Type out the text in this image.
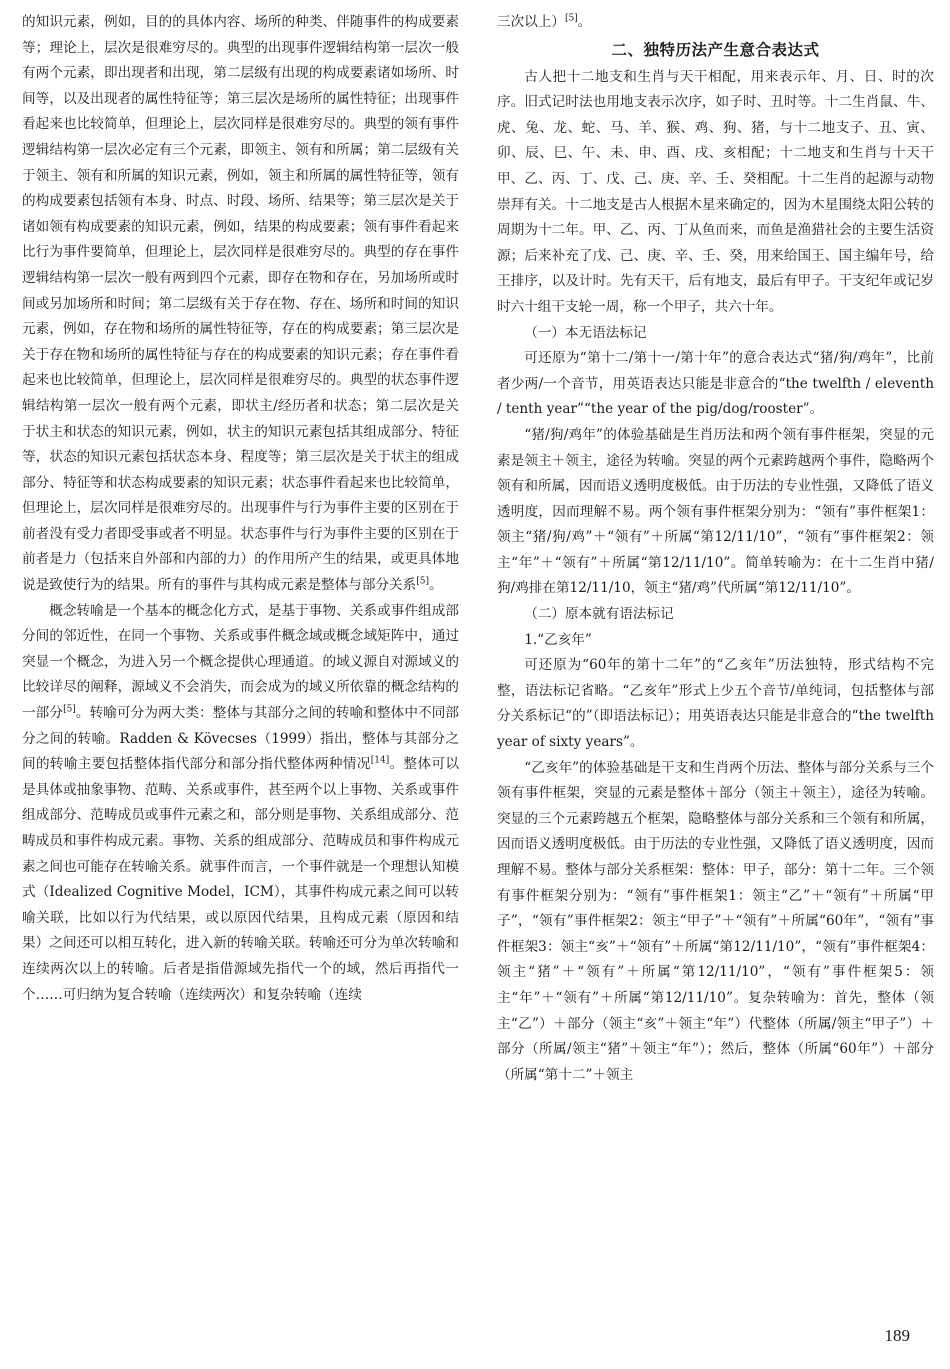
的知识元素，例如，目的的具体内容、场所的种类、伴随事件的构成要素等；理论上，层次是很难穷尽的。典型的出现事件逻辑结构第一层次一般有两个元素，即出现者和出现，第二层级有出现的构成要素诸如场所、时间等，以及出现者的属性特征等；第三层次是场所的属性特征；出现事件看起来也比较简单，但理论上，层次同样是很难穷尽的。典型的领有事件逻辑结构第一层次必定有三个元素，即领主、领有和所属；第二层级有关于领主、领有和所属的知识元素，例如，领主和所属的属性特征等，领有的构成要素包括领有本身、时点、时段、场所、结果等；第三层次是关于诸如领有构成要素的知识元素，例如，结果的构成要素；领有事件看起来比行为事件要简单，但理论上，层次同样是很难穷尽的。典型的存在事件逻辑结构第一层次一般有两到四个元素，即存在物和存在，另加场所或时间或另加场所和时间；第二层级有关于存在物、存在、场所和时间的知识元素，例如，存在物和场所的属性特征等，存在的构成要素；第三层次是关于存在物和场所的属性特征与存在的构成要素的知识元素；存在事件看起来也比较简单，但理论上，层次同样是很难穷尽的。典型的状态事件逻辑结构第一层次一般有两个元素，即状主/经历者和状态；第二层次是关于状主和状态的知识元素，例如，状主的知识元素包括其组成部分、特征等，状态的知识元素包括状态本身、程度等；第三层次是关于状主的组成部分、特征等和状态构成要素的知识元素；状态事件看起来也比较简单，但理论上，层次同样是很难穷尽的。出现事件与行为事件主要的区别在于前者没有受力者即受事或者不明显。状态事件与行为事件主要的区别在于前者是力（包括来自外部和内部的力）的作用所产生的结果，或更具体地说是致使行为的结果。所有的事件与其构成元素是整体与部分关系[5]。

概念转喻是一个基本的概念化方式，是基于事物、关系或事件组成部分间的邻近性，在同一个事物、关系或事件概念域或概念域矩阵中，通过突显一个概念，为进入另一个概念提供心理通道。的域义源自对源域义的比较详尽的阐释，源域义不会消失，而会成为的域义所依靠的概念结构的一部分[5]。转喻可分为两大类：整体与其部分之间的转喻和整体中不同部分之间的转喻。Radden & Kövecses（1999）指出，整体与其部分之间的转喻主要包括整体指代部分和部分指代整体两种情况[14]。整体可以是具体或抽象事物、范畴、关系或事件，甚至两个以上事物、关系或事件组成部分、范畴成员或事件元素之和，部分则是事物、关系组成部分、范畴成员和事件构成元素。事物、关系的组成部分、范畴成员和事件构成元素之间也可能存在转喻关系。就事件而言，一个事件就是一个理想认知模式（Idealized Cognitive Model，ICM），其事件构成元素之间可以转喻关联，比如以行为代结果，或以原因代结果，且构成元素（原因和结果）之间还可以相互转化，进入新的转喻关联。转喻还可分为单次转喻和连续两次以上的转喻。后者是指借源域先指代一个的域，然后再指代一个……可归纳为复合转喻（连续两次）和复杂转喻（连续

三次以上）[5]。

二、独特历法产生意合表达式

古人把十二地支和生肖与天干相配，用来表示年、月、日、时的次序。旧式记时法也用地支表示次序，如子时、丑时等。十二生肖鼠、牛、虎、兔、龙、蛇、马、羊、猴、鸡、狗、猪，与十二地支子、丑、寅、卯、辰、巳、午、未、申、酉、戌、亥相配；十二地支和生肖与十天干甲、乙、丙、丁、戊、己、庚、辛、壬、癸相配。十二生肖的起源与动物崇拜有关。十二地支是古人根据木星来确定的，因为木星围绕太阳公转的周期为十二年。甲、乙、丙、丁从鱼而来，而鱼是渔猎社会的主要生活资源；后来补充了戊、己、庚、辛、壬、癸，用来给国王、国主编年号，给王排序，以及计时。先有天干，后有地支，最后有甲子。干支纪年或记岁时六十组干支轮一周，称一个甲子，共六十年。

（一）本无语法标记

可还原为“第十二/第十一/第十年”的意合表达式“猪/狗/鸡年”，比前者少两/一个音节，用英语表达只能是非意合的“the twelfth / eleventh / tenth year”“the year of the pig/dog/rooster”。

“猪/狗/鸡年”的体验基础是生肖历法和两个领有事件框架，突显的元素是领主＋领主，途径为转喻。突显的两个元素跨越两个事件，隐略两个领有和所属，因而语义透明度极低。由于历法的专业性强，又降低了语义透明度，因而理解不易。两个领有事件框架分别为：“领有”事件框架1：领主“猪/狗/鸡”＋“领有”＋所属“第12/11/10”，“领有”事件框架2：领主“年”＋“领有”＋所属“第12/11/10”。简单转喻为：在十二生肖中猪/狗/鸡排在第12/11/10，领主“猪/鸡”代所属“第12/11/10”。

（二）原本就有语法标记

1.“乙亥年”

可还原为“60年的第十二年”的“乙亥年”历法独特，形式结构不完整，语法标记省略。“乙亥年”形式上少五个音节/单纯词，包括整体与部分关系标记“的”（即语法标记）；用英语表达只能是非意合的“the twelfth year of sixty years”。

“乙亥年”的体验基础是干支和生肖两个历法、整体与部分关系与三个领有事件框架，突显的元素是整体＋部分（领主＋领主），途径为转喻。突显的三个元素跨越五个框架，隐略整体与部分关系和三个领有和所属，因而语义透明度极低。由于历法的专业性强，又降低了语义透明度，因而理解不易。整体与部分关系框架：整体：甲子，部分：第十二年。三个领有事件框架分别为：“领有”事件框架1：领主“乙”＋“领有”＋所属“甲子”，“领有”事件框架2：领主“甲子”＋“领有”＋所属“60年”，“领有”事件框架3：领主“亥”＋“领有”＋所属“第12/11/10”，“领有”事件框架4：领主“猪”＋“领有”＋所属“第12/11/10”，“领有”事件框架5：领主“年”＋“领有”＋所属“第12/11/10”。复杂转喻为：首先，整体（领主“乙”）＋部分（领主“亥”＋领主“年”）代整体（所属/领主“甲子”）＋部分（所属/领主“猪”＋领主“年”）；然后，整体（所属“60年”）＋部分（所属“第十二”＋领主

189
